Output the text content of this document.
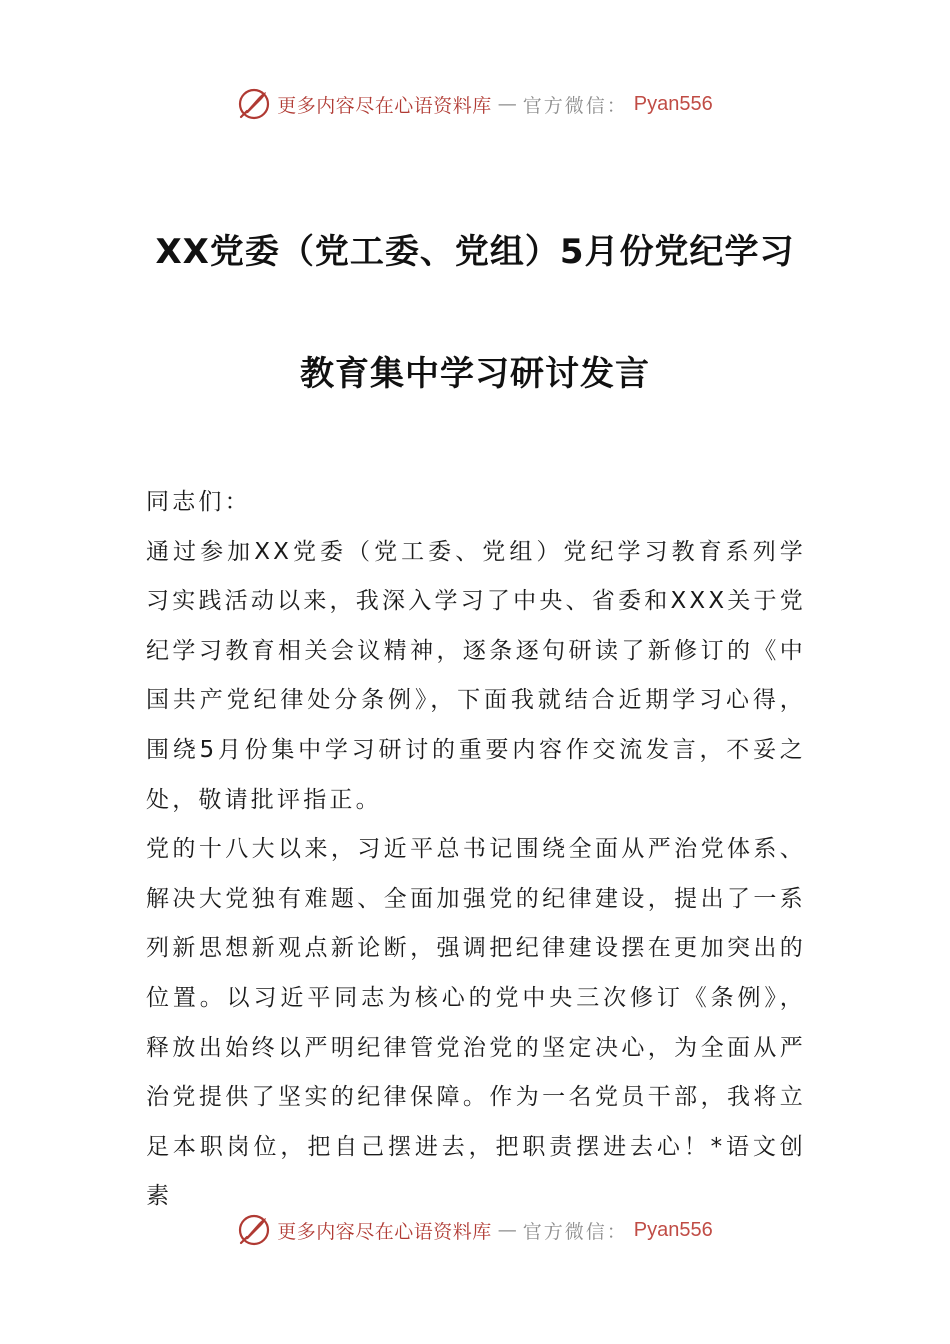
更多内容尽在心语资料库 — 官方微信： Pyan556
XX党委（党工委、党组）5月份党纪学习
教育集中学习研讨发言

同志们：

通过参加XX党委（党工委、党组）党纪学习教育系列学习实践活动以来，我深入学习了中央、省委和XXX关于党纪学习教育相关会议精神，逐条逐句研读了新修订的《中国共产党纪律处分条例》，下面我就结合近期学习心得，围绕5月份集中学习研讨的重要内容作交流发言，不妥之处，敬请批评指正。

党的十八大以来，习近平总书记围绕全面从严治党体系、解决大党独有难题、全面加强党的纪律建设，提出了一系列新思想新观点新论断，强调把纪律建设摆在更加突出的位置。以习近平同志为核心的党中央三次修订《条例》，释放出始终以严明纪律管党治党的坚定决心，为全面从严治党提供了坚实的纪律保障。作为一名党员干部，我将立足本职岗位，把自己摆进去，把职责摆进去心！*语文创素

更多内容尽在心语资料库 — 官方微信： Pyan556
